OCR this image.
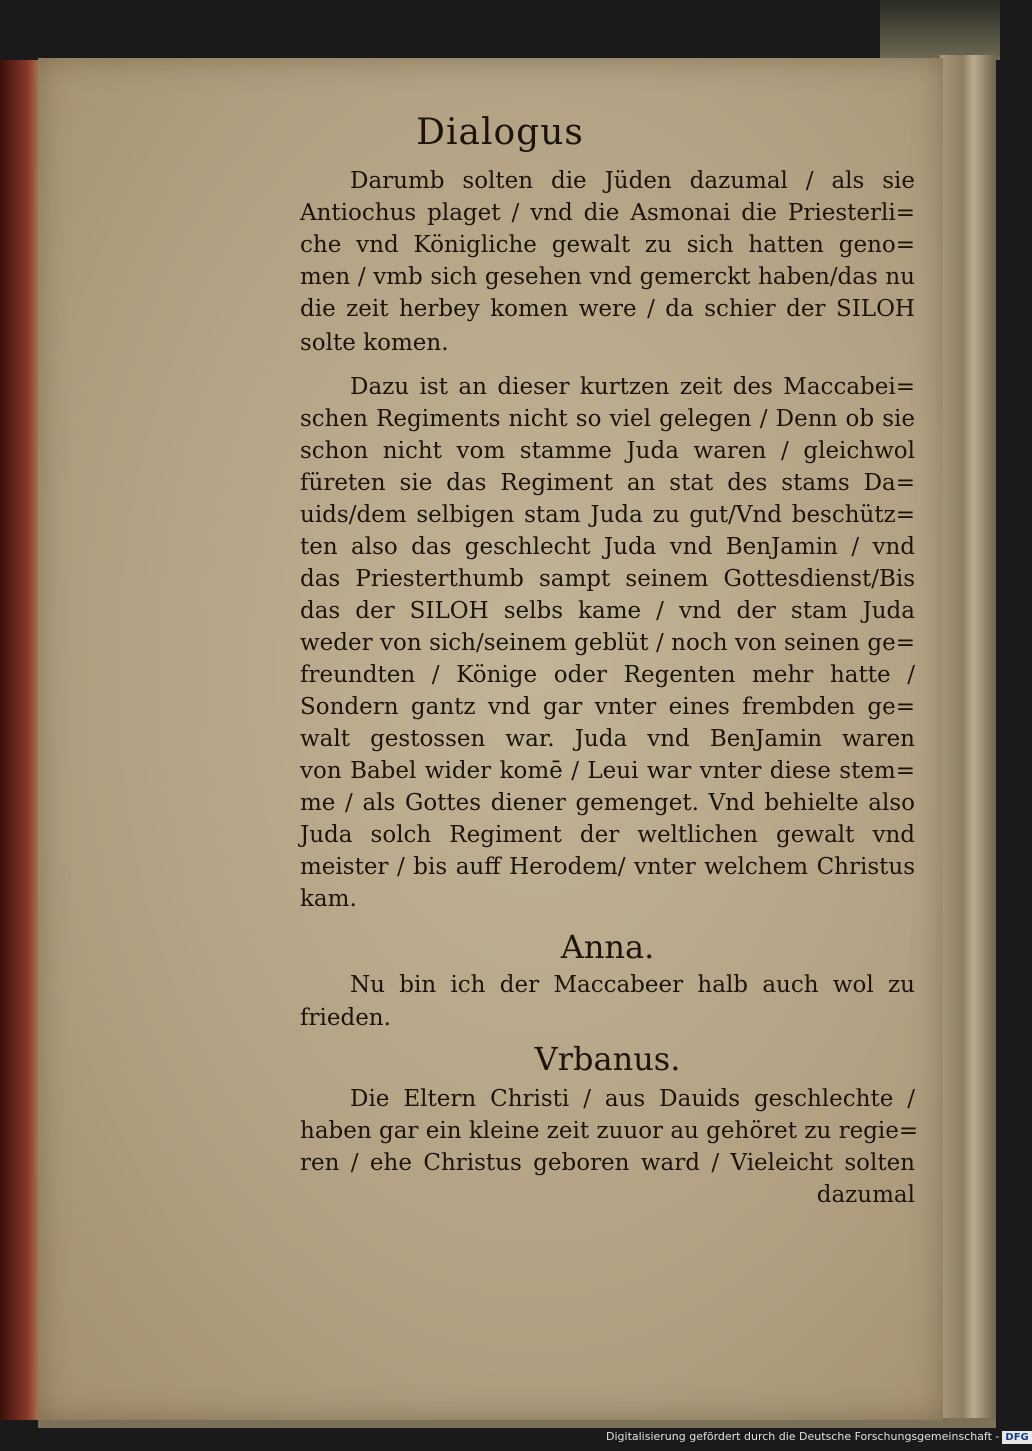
Dialogus
Darumb solten die Jüden dazumal / als sie
Antiochus plaget / vnd die Asmonai die Priesterli=
che vnd Königliche gewalt zu sich hatten geno=
men / vmb sich gesehen vnd gemerckt haben/das nu
die zeit herbey komen were / da schier der SILOH
solte komen.
Dazu ist an dieser kurtzen zeit des Maccabei=
schen Regiments nicht so viel gelegen / Denn ob sie
schon nicht vom stamme Juda waren / gleichwol
füreten sie das Regiment an stat des stams Da=
uids/dem selbigen stam Juda zu gut/Vnd beschütz=
ten also das geschlecht Juda vnd BenJamin / vnd
das Priesterthumb sampt seinem Gottesdienst/Bis
das der SILOH selbs kame / vnd der stam Juda
weder von sich/seinem geblüt / noch von seinen ge=
freundten / Könige oder Regenten mehr hatte /
Sondern gantz vnd gar vnter eines frembden ge=
walt gestossen war. Juda vnd BenJamin waren
von Babel wider komē / Leui war vnter diese stem=
me / als Gottes diener gemenget. Vnd behielte also
Juda solch Regiment der weltlichen gewalt vnd
meister / bis auff Herodem/ vnter welchem Christus
kam.
Anna.
Nu bin ich der Maccabeer halb auch wol zu
frieden.
Vrbanus.
Die Eltern Christi / aus Dauids geschlechte /
haben gar ein kleine zeit zuuor au gehöret zu regie=
ren / ehe Christus geboren ward / Vieleicht solten
dazumal
Digitalisierung gefördert durch die Deutsche Forschungsgemeinschaft - DFG
